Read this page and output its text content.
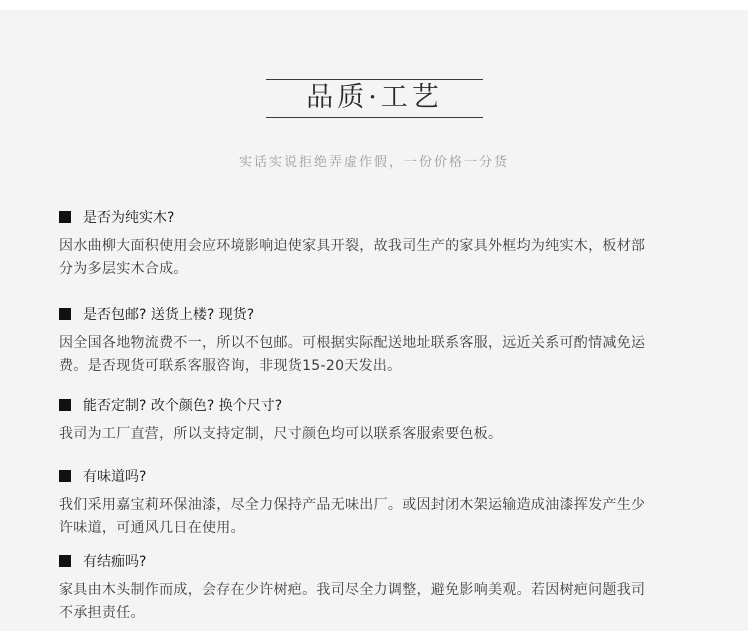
品质·工艺
实话实说拒绝弄虚作假，一份价格一分货
是否为纯实木?
因水曲柳大面积使用会应环境影响迫使家具开裂，故我司生产的家具外框均为纯实木，板材部分为多层实木合成。
是否包邮? 送货上楼? 现货?
因全国各地物流费不一，所以不包邮。可根据实际配送地址联系客服，远近关系可酌情减免运费。是否现货可联系客服咨询，非现货15-20天发出。
能否定制? 改个颜色? 换个尺寸?
我司为工厂直营，所以支持定制，尺寸颜色均可以联系客服索要色板。
有味道吗?
我们采用嘉宝莉环保油漆，尽全力保持产品无味出厂。或因封闭木架运输造成油漆挥发产生少许味道，可通风几日在使用。
有结痂吗?
家具由木头制作而成，会存在少许树疤。我司尽全力调整，避免影响美观。若因树疤问题我司不承担责任。
